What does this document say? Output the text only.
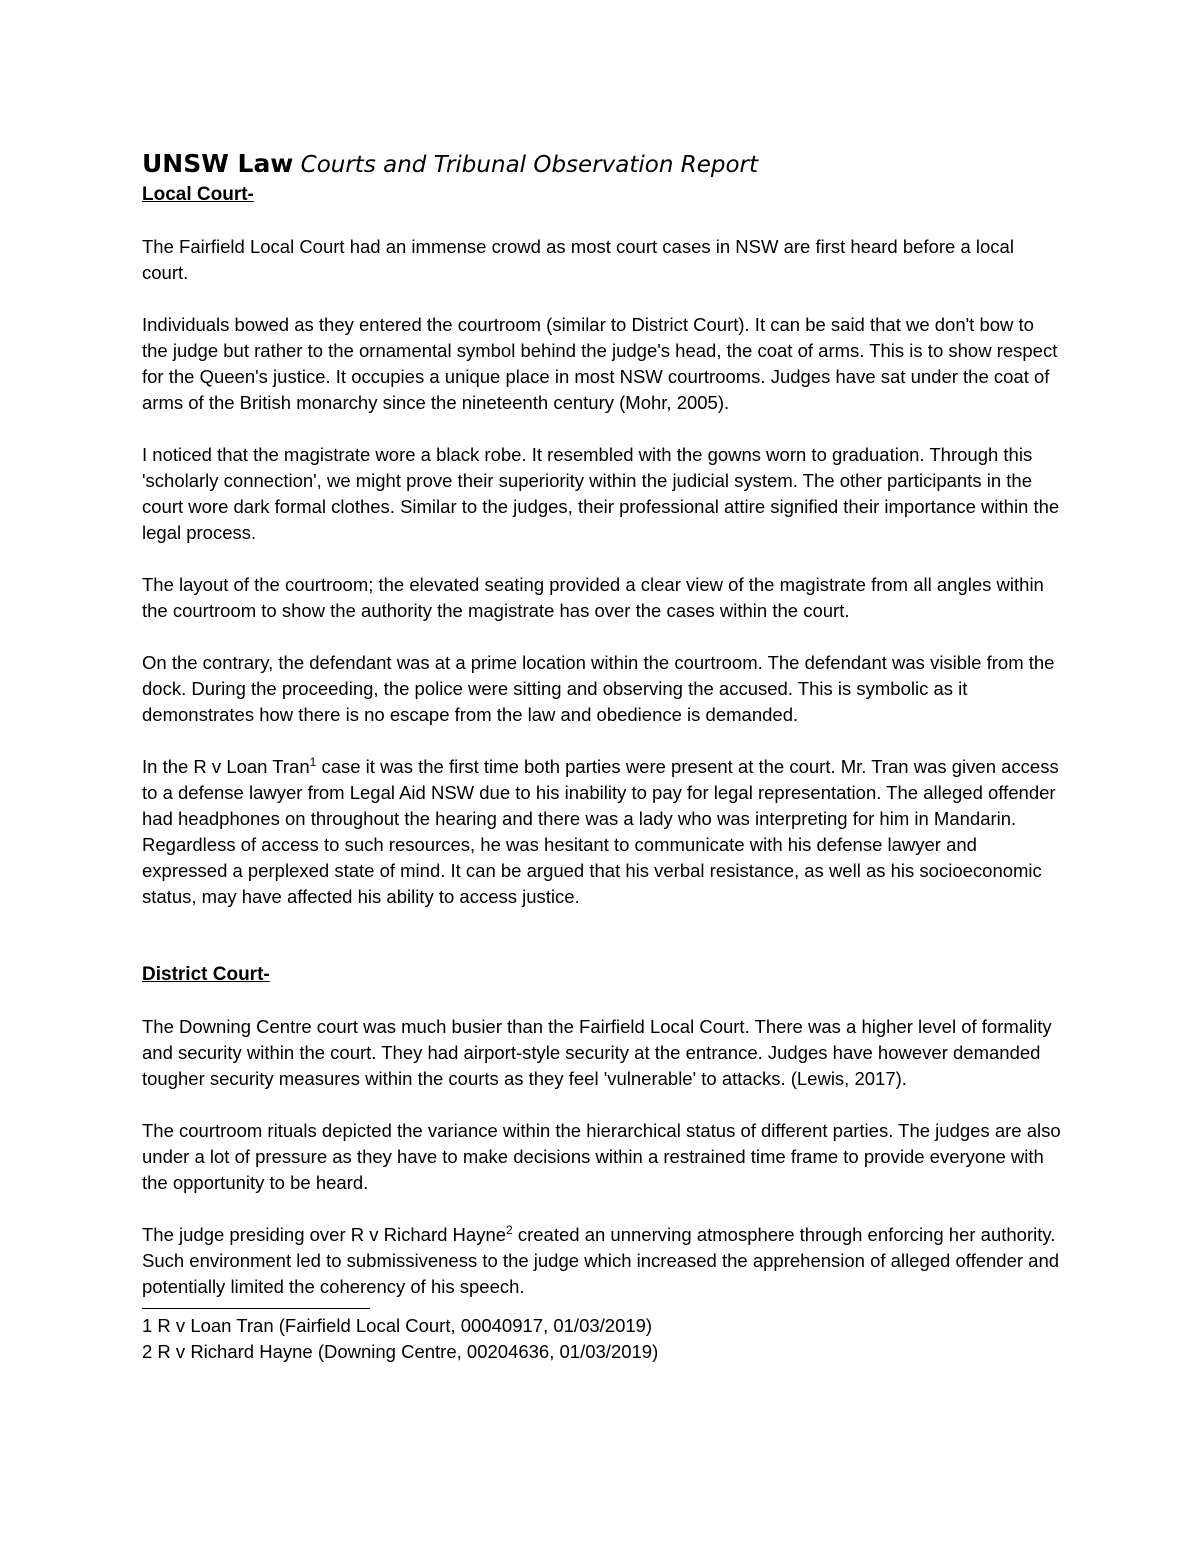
UNSW Law Courts and Tribunal Observation Report

Local Court-

The Fairfield Local Court had an immense crowd as most court cases in NSW are first heard before a local court.

Individuals bowed as they entered the courtroom (similar to District Court). It can be said that we don't bow to the judge but rather to the ornamental symbol behind the judge's head, the coat of arms. This is to show respect for the Queen's justice. It occupies a unique place in most NSW courtrooms. Judges have sat under the coat of arms of the British monarchy since the nineteenth century (Mohr, 2005).

I noticed that the magistrate wore a black robe. It resembled with the gowns worn to graduation. Through this 'scholarly connection', we might prove their superiority within the judicial system. The other participants in the court wore dark formal clothes. Similar to the judges, their professional attire signified their importance within the legal process.

The layout of the courtroom; the elevated seating provided a clear view of the magistrate from all angles within the courtroom to show the authority the magistrate has over the cases within the court.

On the contrary, the defendant was at a prime location within the courtroom. The defendant was visible from the dock. During the proceeding, the police were sitting and observing the accused. This is symbolic as it demonstrates how there is no escape from the law and obedience is demanded.

In the R v Loan Tran$^1$ case it was the first time both parties were present at the court. Mr. Tran was given access to a defense lawyer from Legal Aid NSW due to his inability to pay for legal representation. The alleged offender had headphones on throughout the hearing and there was a lady who was interpreting for him in Mandarin. Regardless of access to such resources, he was hesitant to communicate with his defense lawyer and expressed a perplexed state of mind. It can be argued that his verbal resistance, as well as his socioeconomic status, may have affected his ability to access justice.

District Court-

The Downing Centre court was much busier than the Fairfield Local Court. There was a higher level of formality and security within the court. They had airport-style security at the entrance. Judges have however demanded tougher security measures within the courts as they feel 'vulnerable' to attacks. (Lewis, 2017).

The courtroom rituals depicted the variance within the hierarchical status of different parties. The judges are also under a lot of pressure as they have to make decisions within a restrained time frame to provide everyone with the opportunity to be heard.

The judge presiding over R v Richard Hayne$^2$ created an unnerving atmosphere through enforcing her authority. Such environment led to submissiveness to the judge which increased the apprehension of alleged offender and potentially limited the coherency of his speech.

1 R v Loan Tran (Fairfield Local Court, 00040917, 01/03/2019)

2 R v Richard Hayne (Downing Centre, 00204636, 01/03/2019)
